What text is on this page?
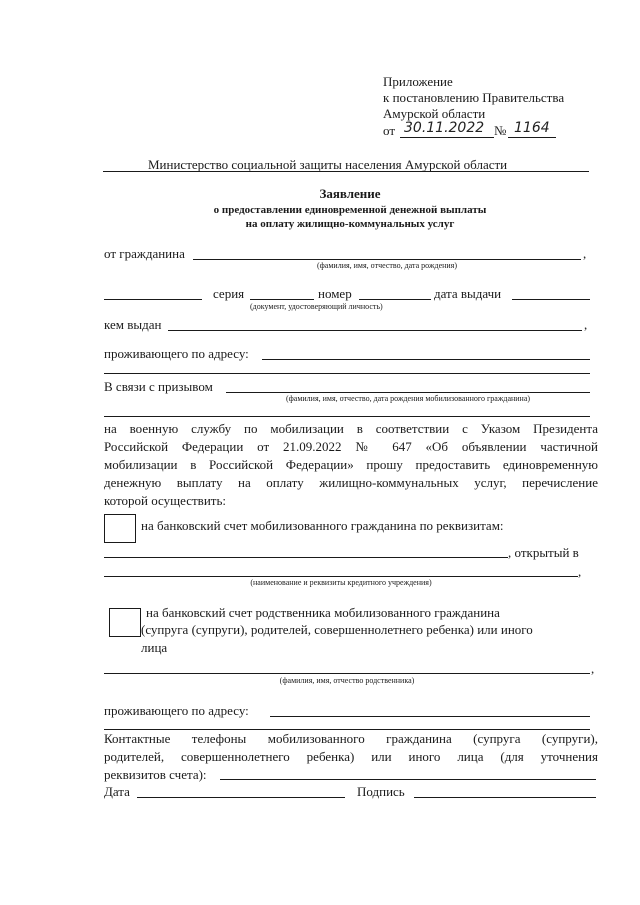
Приложение
к постановлению Правительства
Амурской области
от 30.11.2022 № 1164
Министерство социальной защиты населения Амурской области
Заявление
о предоставлении единовременной денежной выплаты
на оплату жилищно-коммунальных услуг
от гражданина	,
(фамилия, имя, отчество, дата рождения)
серия	номер	дата выдачи
(документ, удостоверяющий личность)
кем выдан	,
проживающего по адресу:
В связи с призывом
(фамилия, имя, отчество, дата рождения мобилизованного гражданина)
на военную службу по мобилизации в соответствии с Указом Президента
Российской Федерации от 21.09.2022 № 647 «Об объявлении частичной
мобилизации в Российской Федерации» прошу предоставить единовременную
денежную выплату на оплату жилищно-коммунальных услуг, перечисление
которой осуществить:
на банковский счет мобилизованного гражданина по реквизитам:
, открытый в
,
(наименование и реквизиты кредитного учреждения)
на банковский счет родственника мобилизованного гражданина
(супруга (супруги), родителей, совершеннолетнего ребенка) или иного
лица
,
(фамилия, имя, отчество родственника)
проживающего по адресу:
Контактные телефоны мобилизованного гражданина (супруга (супруги),
родителей, совершеннолетнего ребенка) или иного лица (для уточнения
реквизитов счета):
Дата	Подпись
